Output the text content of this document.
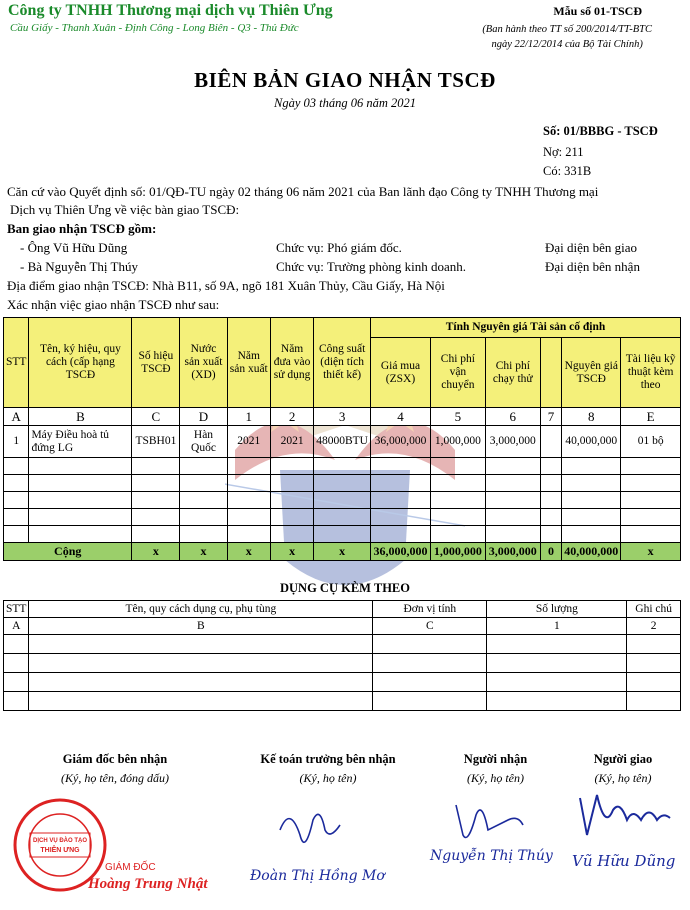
Công ty TNHH Thương mại dịch vụ Thiên Ưng
Cầu Giấy - Thanh Xuân - Định Công - Long Biên - Q3 - Thủ Đức
Mẫu số 01-TSCĐ
(Ban hành theo TT số 200/2014/TT-BTC
ngày 22/12/2014 của Bộ Tài Chính)
BIÊN BẢN GIAO NHẬN TSCĐ
Ngày 03 tháng 06 năm 2021
Số: 01/BBBG - TSCĐ
Nợ: 211
Có: 331B
Căn cứ vào Quyết định số: 01/QĐ-TU ngày 02 tháng 06 năm 2021 của Ban lãnh đạo Công ty TNHH Thương mại
Dịch vụ Thiên Ưng về việc bàn giao TSCĐ:
Ban giao nhận TSCĐ gồm:
- Ông Vũ Hữu Dũng	Chức vụ: Phó giám đốc.	Đại diện bên giao
- Bà Nguyễn Thị Thúy	Chức vụ: Trường phòng kinh doanh.	Đại diện bên nhận
Địa điểm giao nhận TSCĐ: Nhà B11, số 9A, ngõ 181 Xuân Thủy, Cầu Giấy, Hà Nội
Xác nhận việc giao nhận TSCĐ như sau:
STT	Tên, ký hiệu, quy cách (cấp hạng TSCĐ	Số hiệu TSCĐ	Nước sản xuất (XD)	Năm sản xuất	Năm đưa vào sử dụng	Công suất (diện tích thiết kế)	Tính Nguyên giá Tài sản cố định					
							Giá mua (ZSX)	Chi phí vận chuyển	Chi phí chạy thử		Nguyên giá TSCĐ	Tài liệu kỹ thuật kèm theo
A	B	C	D	1	2	3	4	5	6	7	8	E
1	Máy Điều hoà tủ đứng LG	TSBH01	Hàn Quốc	2021	2021	48000BTU	36,000,000	1,000,000	3,000,000		40,000,000	01 bộ

Cộng		x	x	x	x	x	36,000,000	1,000,000	3,000,000	0	40,000,000	x
DỤNG CỤ KÈM THEO
STT	Tên, quy cách dụng cụ, phụ tùng	Đơn vị tính	Số lượng	Ghi chú
A	B	C	1	2

Giám đốc bên nhận
(Ký, họ tên, đóng dấu)
Kế toán trưởng bên nhận
(Ký, họ tên)
Người nhận
(Ký, họ tên)
Người giao
(Ký, họ tên)
DỊCH VỤ ĐÀO TẠO
THIÊN ƯNG
GIÁM ĐỐC
Hoàng Trung Nhật	Đoàn Thị Hồng Mơ
Nguyễn Thị Thúy Vũ Hữu Dũng
